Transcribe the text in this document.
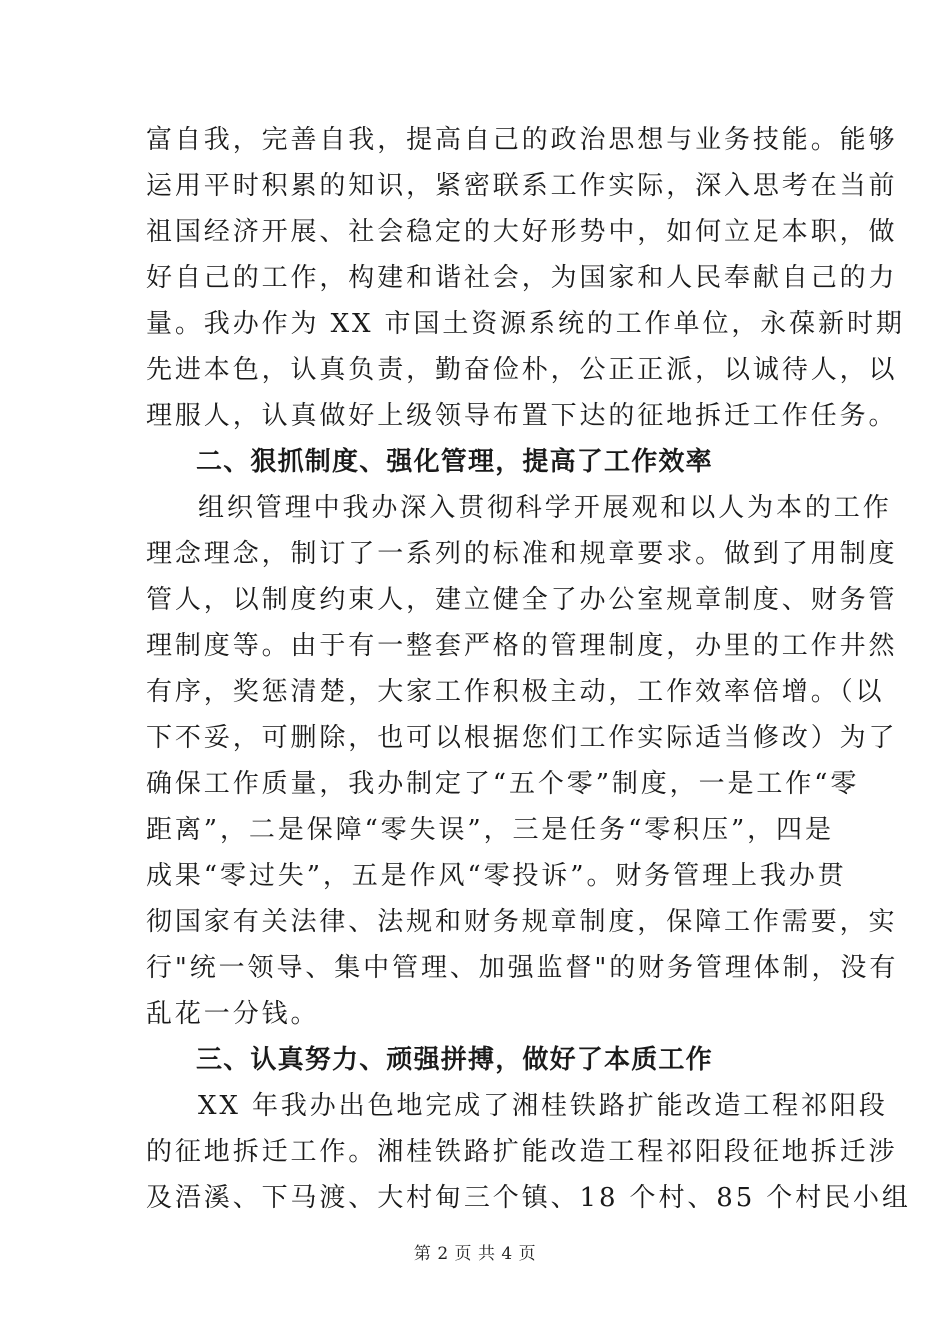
富自我，完善自我，提高自己的政治思想与业务技能。能够
运用平时积累的知识，紧密联系工作实际，深入思考在当前
祖国经济开展、社会稳定的大好形势中，如何立足本职，做
好自己的工作，构建和谐社会，为国家和人民奉献自己的力
量。我办作为 XX 市国土资源系统的工作单位，永葆新时期
先进本色，认真负责，勤奋俭朴，公正正派，以诚待人，以
理服人，认真做好上级领导布置下达的征地拆迁工作任务。
二、狠抓制度、强化管理，提高了工作效率
组织管理中我办深入贯彻科学开展观和以人为本的工作
理念理念，制订了一系列的标准和规章要求。做到了用制度
管人，以制度约束人，建立健全了办公室规章制度、财务管
理制度等。由于有一整套严格的管理制度，办里的工作井然
有序，奖惩清楚，大家工作积极主动，工作效率倍增。（以
下不妥，可删除，也可以根据您们工作实际适当修改）为了
确保工作质量，我办制定了“五个零”制度，一是工作“零
距离”，二是保障“零失误”，三是任务“零积压”，四是
成果“零过失”，五是作风“零投诉”。财务管理上我办贯
彻国家有关法律、法规和财务规章制度，保障工作需要，实
行"统一领导、集中管理、加强监督"的财务管理体制，没有
乱花一分钱。
三、认真努力、顽强拼搏，做好了本质工作
XX 年我办出色地完成了湘桂铁路扩能改造工程祁阳段
的征地拆迁工作。湘桂铁路扩能改造工程祁阳段征地拆迁涉
及浯溪、下马渡、大村甸三个镇、18 个村、85 个村民小组
第 2 页 共 4 页
